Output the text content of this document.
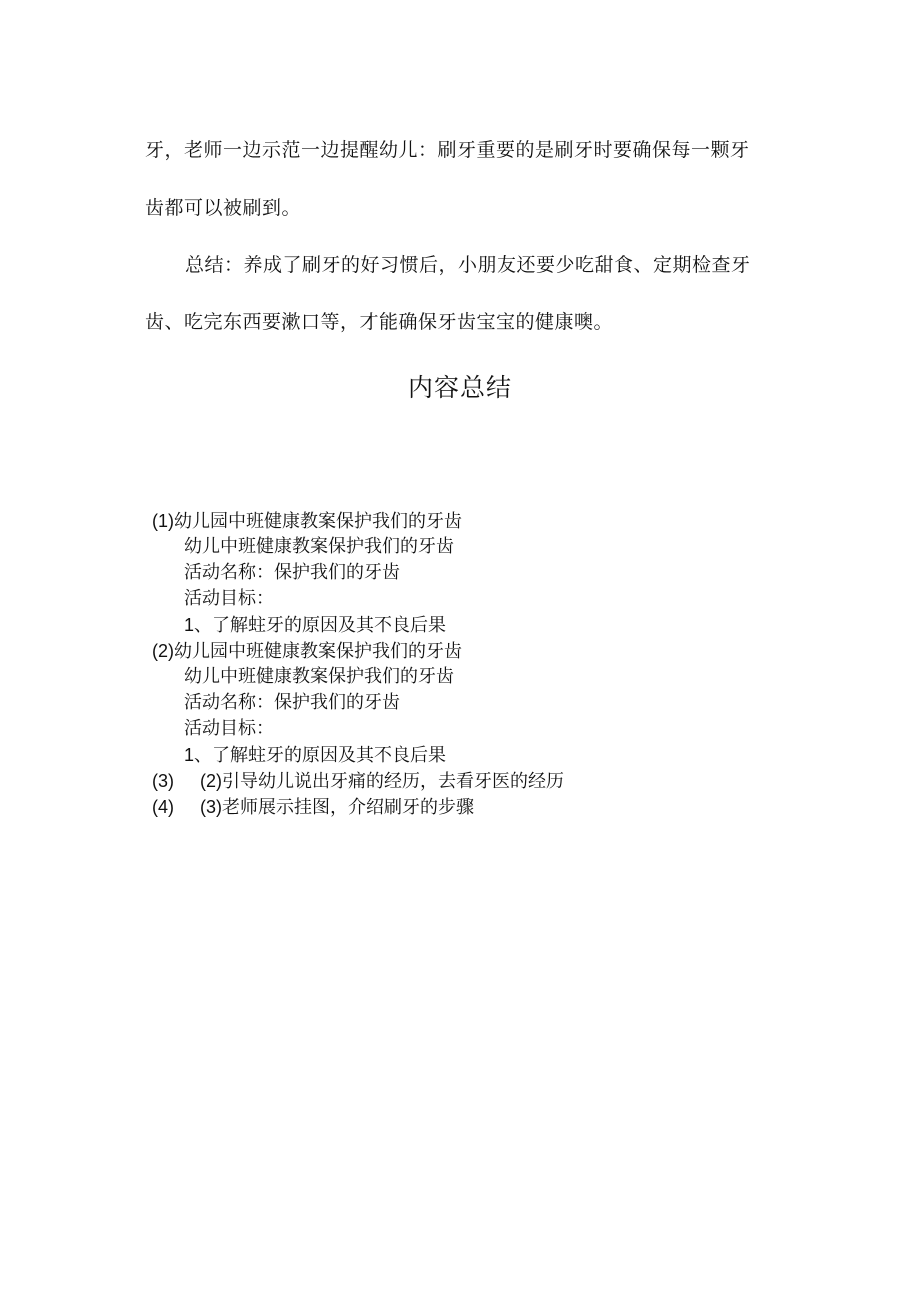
牙，老师一边示范一边提醒幼儿：刷牙重要的是刷牙时要确保每一颗牙
齿都可以被刷到。
总结：养成了刷牙的好习惯后，小朋友还要少吃甜食、定期检查牙
齿、吃完东西要漱口等，才能确保牙齿宝宝的健康噢。
内容总结
(1)幼儿园中班健康教案保护我们的牙齿
幼儿中班健康教案保护我们的牙齿
活动名称：保护我们的牙齿
活动目标：
1、了解蛀牙的原因及其不良后果
(2)幼儿园中班健康教案保护我们的牙齿
幼儿中班健康教案保护我们的牙齿
活动名称：保护我们的牙齿
活动目标：
1、了解蛀牙的原因及其不良后果
(3) (2)引导幼儿说出牙痛的经历，去看牙医的经历
(4) (3)老师展示挂图，介绍刷牙的步骤
